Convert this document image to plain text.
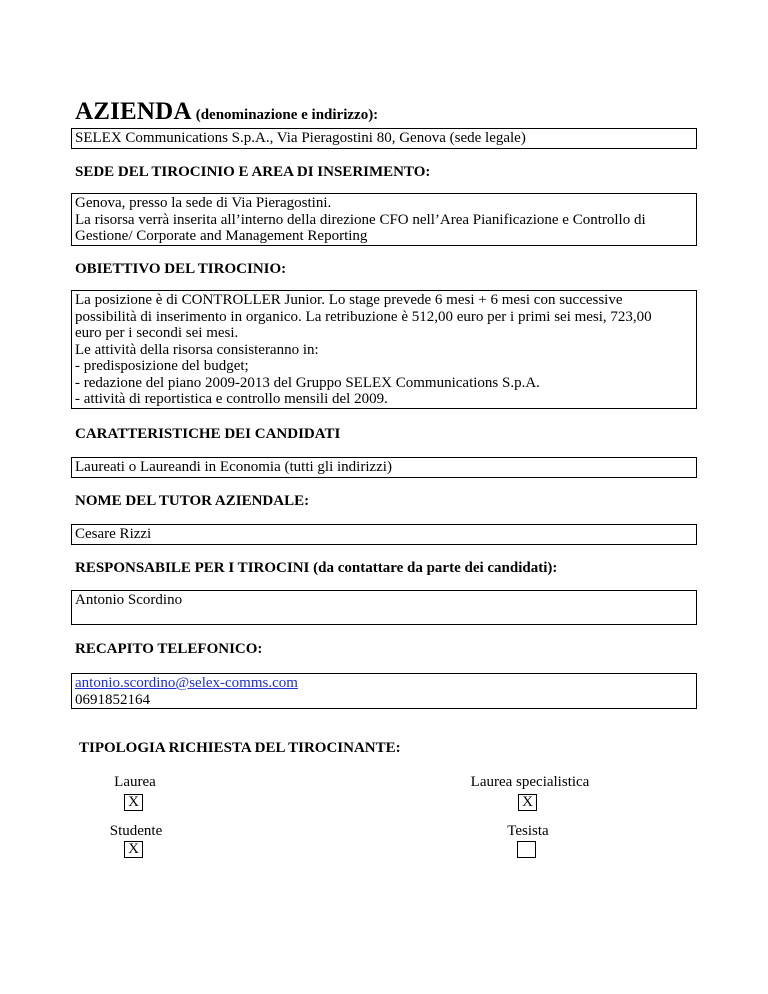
AZIENDA (denominazione e indirizzo):
SELEX Communications S.p.A., Via Pieragostini 80, Genova (sede legale)
SEDE DEL TIROCINIO E AREA DI INSERIMENTO:
Genova, presso la sede di Via Pieragostini.
La risorsa verrà inserita all’interno della direzione CFO nell’Area Pianificazione e Controllo di
Gestione/ Corporate and Management Reporting
OBIETTIVO DEL TIROCINIO:
La posizione è di CONTROLLER Junior. Lo stage prevede 6 mesi + 6 mesi con successive
possibilità di inserimento in organico. La retribuzione è 512,00 euro per i primi sei mesi, 723,00
euro per i secondi sei mesi.
Le attività della risorsa consisteranno in:
- predisposizione del budget;
- redazione del piano 2009-2013 del Gruppo SELEX Communications S.p.A.
- attività di reportistica e controllo mensili del 2009.
CARATTERISTICHE DEI CANDIDATI
Laureati o Laureandi in Economia (tutti gli indirizzi)
NOME DEL TUTOR AZIENDALE:
Cesare Rizzi
RESPONSABILE PER I TIROCINI (da contattare da parte dei candidati):
Antonio Scordino
RECAPITO TELEFONICO:
antonio.scordino@selex-comms.com
0691852164
TIPOLOGIA RICHIESTA DEL TIROCINANTE:
Laurea
X
Laurea specialistica
X
Studente
X
Tesista
